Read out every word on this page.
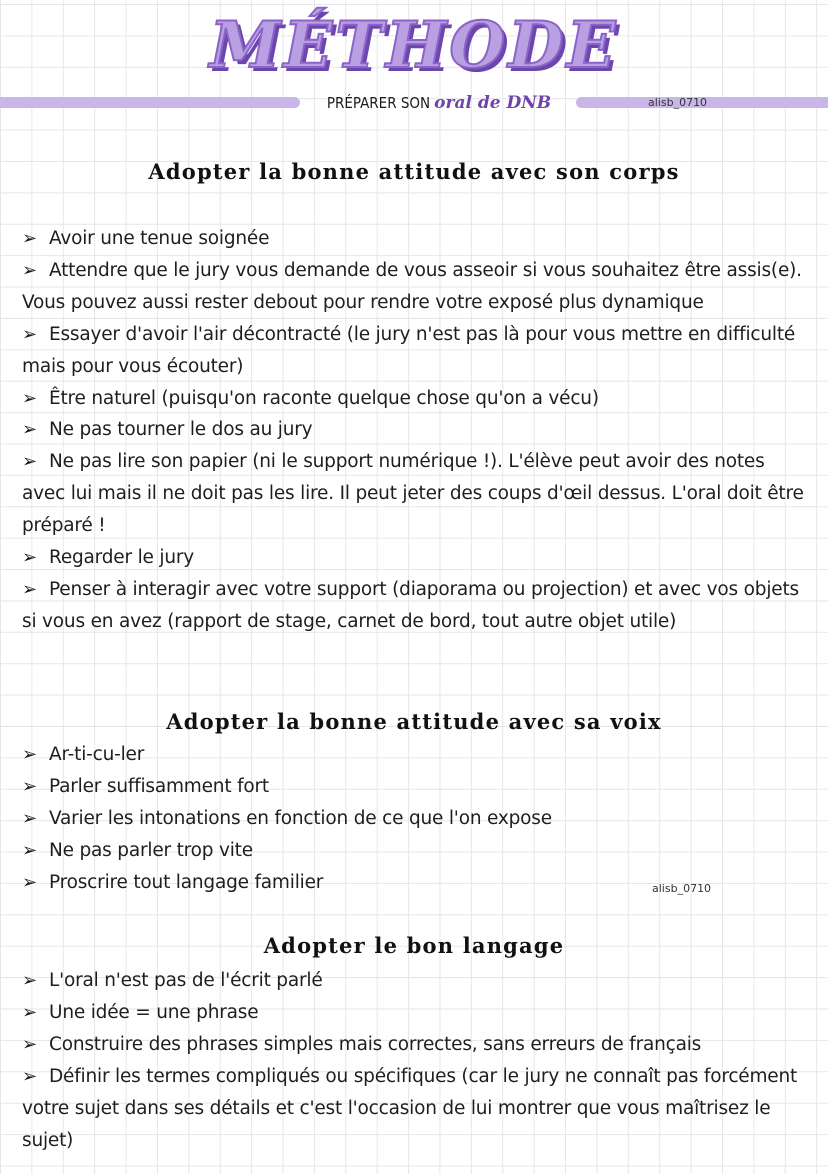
MÉTHODE
PRÉPARER SON oral de DNB	alisb_0710
Adopter la bonne attitude avec son corps
➢ Avoir une tenue soignée
➢ Attendre que le jury vous demande de vous asseoir si vous souhaitez être assis(e). Vous pouvez aussi rester debout pour rendre votre exposé plus dynamique
➢ Essayer d'avoir l'air décontracté (le jury n'est pas là pour vous mettre en difficulté mais pour vous écouter)
➢ Être naturel (puisqu'on raconte quelque chose qu'on a vécu)
➢ Ne pas tourner le dos au jury
➢ Ne pas lire son papier (ni le support numérique !). L'élève peut avoir des notes avec lui mais il ne doit pas les lire. Il peut jeter des coups d'œil dessus. L'oral doit être préparé !
➢ Regarder le jury
➢ Penser à interagir avec votre support (diaporama ou projection) et avec vos objets si vous en avez (rapport de stage, carnet de bord, tout autre objet utile)
Adopter la bonne attitude avec sa voix
➢ Ar-ti-cu-ler
➢ Parler suffisamment fort
➢ Varier les intonations en fonction de ce que l'on expose
➢ Ne pas parler trop vite
➢ Proscrire tout langage familier	alisb_0710
Adopter le bon langage
➢ L'oral n'est pas de l'écrit parlé
➢ Une idée = une phrase
➢ Construire des phrases simples mais correctes, sans erreurs de français
➢ Définir les termes compliqués ou spécifiques (car le jury ne connaît pas forcément votre sujet dans ses détails et c'est l'occasion de lui montrer que vous maîtrisez le sujet)
